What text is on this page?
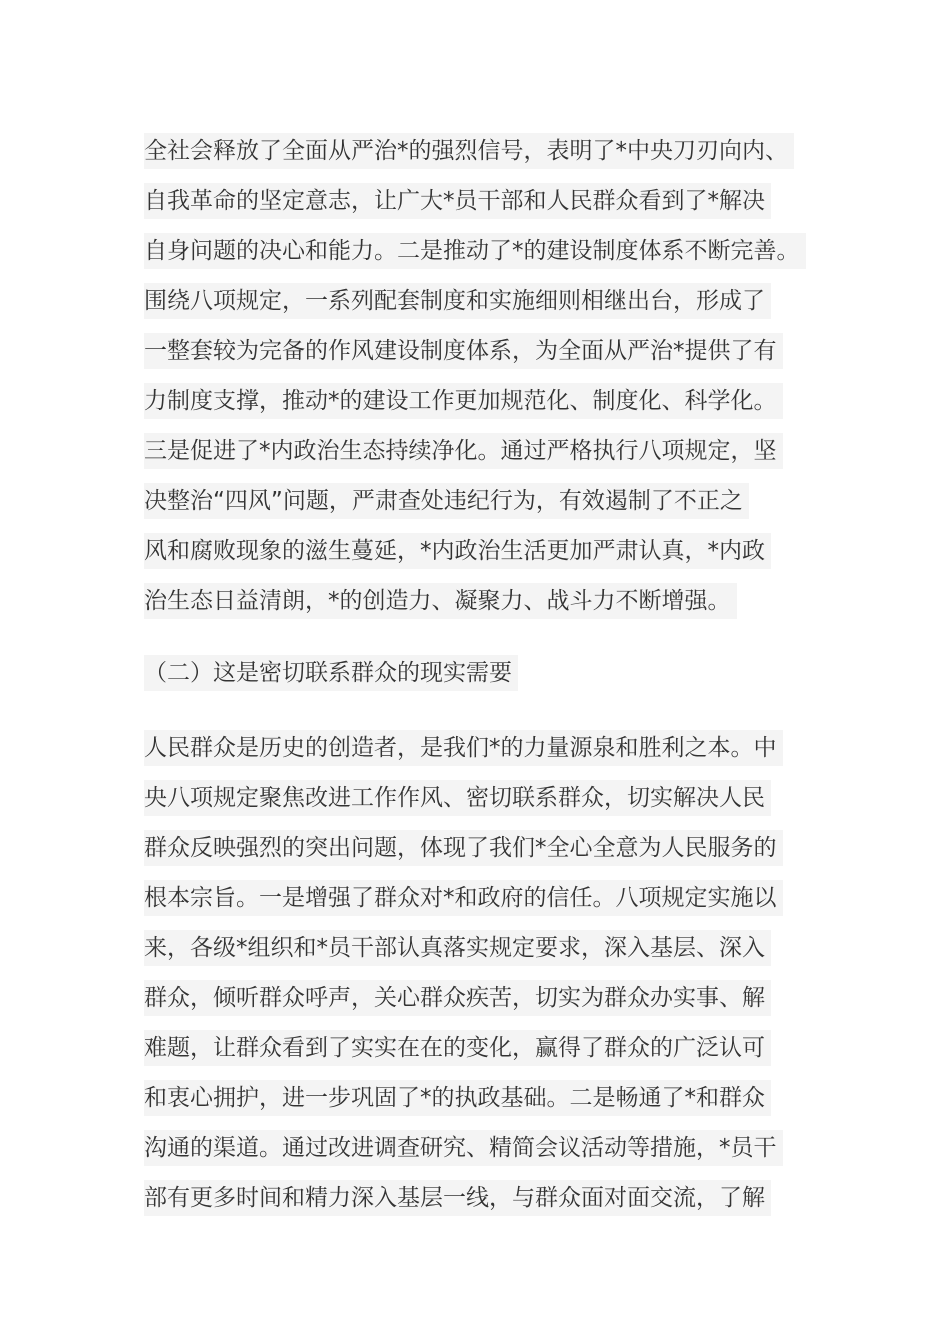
全社会释放了全面从严治*的强烈信号，表明了*中央刀刃向内、
自我革命的坚定意志，让广大*员干部和人民群众看到了*解决
自身问题的决心和能力。二是推动了*的建设制度体系不断完善。
围绕八项规定，一系列配套制度和实施细则相继出台，形成了
一整套较为完备的作风建设制度体系，为全面从严治*提供了有
力制度支撑，推动*的建设工作更加规范化、制度化、科学化。
三是促进了*内政治生态持续净化。通过严格执行八项规定，坚
决整治“四风”问题，严肃查处违纪行为，有效遏制了不正之
风和腐败现象的滋生蔓延，*内政治生活更加严肃认真，*内政
治生态日益清朗，*的创造力、凝聚力、战斗力不断增强。
（二）这是密切联系群众的现实需要
人民群众是历史的创造者，是我们*的力量源泉和胜利之本。中
央八项规定聚焦改进工作作风、密切联系群众，切实解决人民
群众反映强烈的突出问题，体现了我们*全心全意为人民服务的
根本宗旨。一是增强了群众对*和政府的信任。八项规定实施以
来，各级*组织和*员干部认真落实规定要求，深入基层、深入
群众，倾听群众呼声，关心群众疾苦，切实为群众办实事、解
难题，让群众看到了实实在在的变化，赢得了群众的广泛认可
和衷心拥护，进一步巩固了*的执政基础。二是畅通了*和群众
沟通的渠道。通过改进调查研究、精简会议活动等措施，*员干
部有更多时间和精力深入基层一线，与群众面对面交流，了解
